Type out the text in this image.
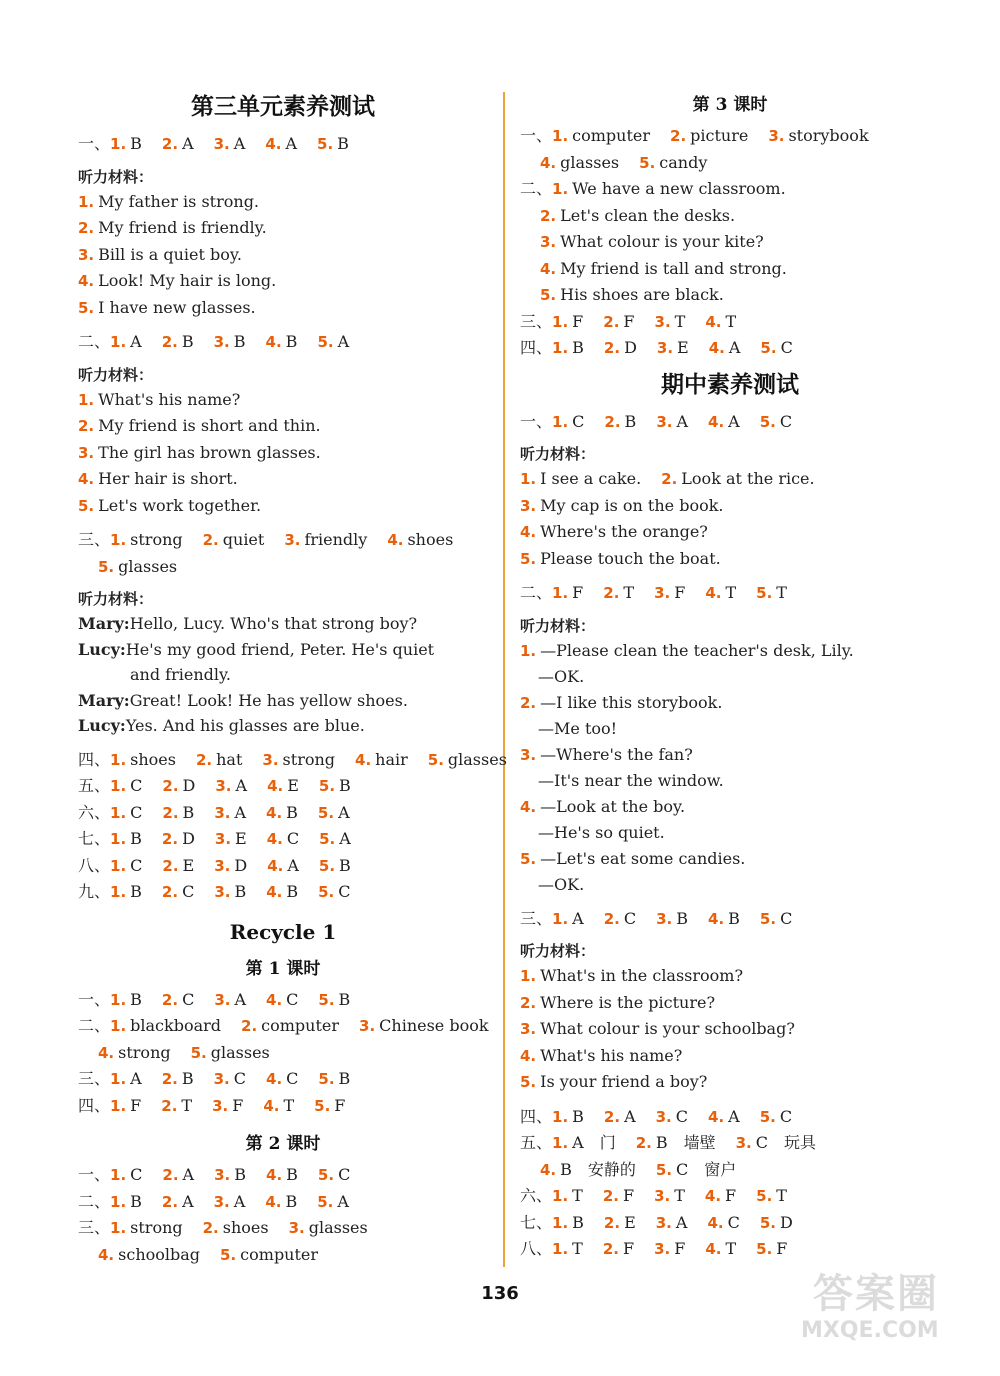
第三单元素养测试
一、1. B 2. A 3. A 4. A 5. B
听力材料：
1. My father is strong.
2. My friend is friendly.
3. Bill is a quiet boy.
4. Look! My hair is long.
5. I have new glasses.
二、1. A 2. B 3. B 4. B 5. A
听力材料：
1. What's his name?
2. My friend is short and thin.
3. The girl has brown glasses.
4. Her hair is short.
5. Let's work together.
三、1. strong 2. quiet 3. friendly 4. shoes
5. glasses
听力材料：
Mary:Hello, Lucy. Who's that strong boy?
Lucy:He's my good friend, Peter. He's quiet
and friendly.
Mary:Great! Look! He has yellow shoes.
Lucy:Yes. And his glasses are blue.
四、1. shoes 2. hat 3. strong 4. hair 5. glasses
五、1. C 2. D 3. A 4. E 5. B
六、1. C 2. B 3. A 4. B 5. A
七、1. B 2. D 3. E 4. C 5. A
八、1. C 2. E 3. D 4. A 5. B
九、1. B 2. C 3. B 4. B 5. C
Recycle 1
第 1 课时
一、1. B 2. C 3. A 4. C 5. B
二、1. blackboard 2. computer 3. Chinese book
4. strong 5. glasses
三、1. A 2. B 3. C 4. C 5. B
四、1. F 2. T 3. F 4. T 5. F
第 2 课时
一、1. C 2. A 3. B 4. B 5. C
二、1. B 2. A 3. A 4. B 5. A
三、1. strong 2. shoes 3. glasses
4. schoolbag 5. computer
第 3 课时
一、1. computer 2. picture 3. storybook
4. glasses 5. candy
二、1. We have a new classroom.
2. Let's clean the desks.
3. What colour is your kite?
4. My friend is tall and strong.
5. His shoes are black.
三、1. F 2. F 3. T 4. T
四、1. B 2. D 3. E 4. A 5. C
期中素养测试
一、1. C 2. B 3. A 4. A 5. C
听力材料：
1. I see a cake. 2. Look at the rice.
3. My cap is on the book.
4. Where's the orange?
5. Please touch the boat.
二、1. F 2. T 3. F 4. T 5. T
听力材料：
1. —Please clean the teacher's desk, Lily.
—OK.
2. —I like this storybook.
—Me too!
3. —Where's the fan?
—It's near the window.
4. —Look at the boy.
—He's so quiet.
5. —Let's eat some candies.
—OK.
三、1. A 2. C 3. B 4. B 5. C
听力材料：
1. What's in the classroom?
2. Where is the picture?
3. What colour is your schoolbag?
4. What's his name?
5. Is your friend a boy?
四、1. B 2. A 3. C 4. A 5. C
五、1. A　门 2. B　墙壁 3. C　玩具
4. B　安静的 5. C　窗户
六、1. T 2. F 3. T 4. F 5. T
七、1. B 2. E 3. A 4. C 5. D
八、1. T 2. F 3. F 4. T 5. F
136	答案圈
MXQE.COM
